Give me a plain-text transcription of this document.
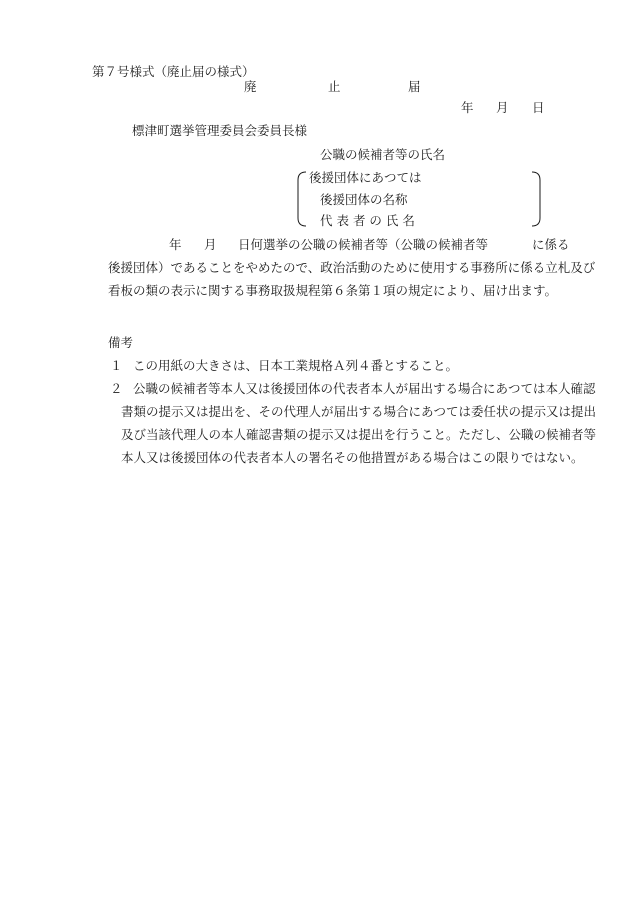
第７号様式（廃止届の様式）
廃	止	届
年 月 日
標津町選挙管理委員会委員長様
公職の候補者等の氏名
後援団体にあつては
後援団体の名称
代 表 者 の 氏 名
年 月 日何選挙の公職の候補者等（公職の候補者等	に係る
後援団体）であることをやめたので、政治活動のために使用する事務所に係る立札及び
看板の類の表示に関する事務取扱規程第６条第１項の規定により、届け出ます。
備考
１ この用紙の大きさは、日本工業規格Ａ列４番とすること。
２ 公職の候補者等本人又は後援団体の代表者本人が届出する場合にあつては本人確認
書類の提示又は提出を、その代理人が届出する場合にあつては委任状の提示又は提出
及び当該代理人の本人確認書類の提示又は提出を行うこと。ただし、公職の候補者等
本人又は後援団体の代表者本人の署名その他措置がある場合はこの限りではない。
